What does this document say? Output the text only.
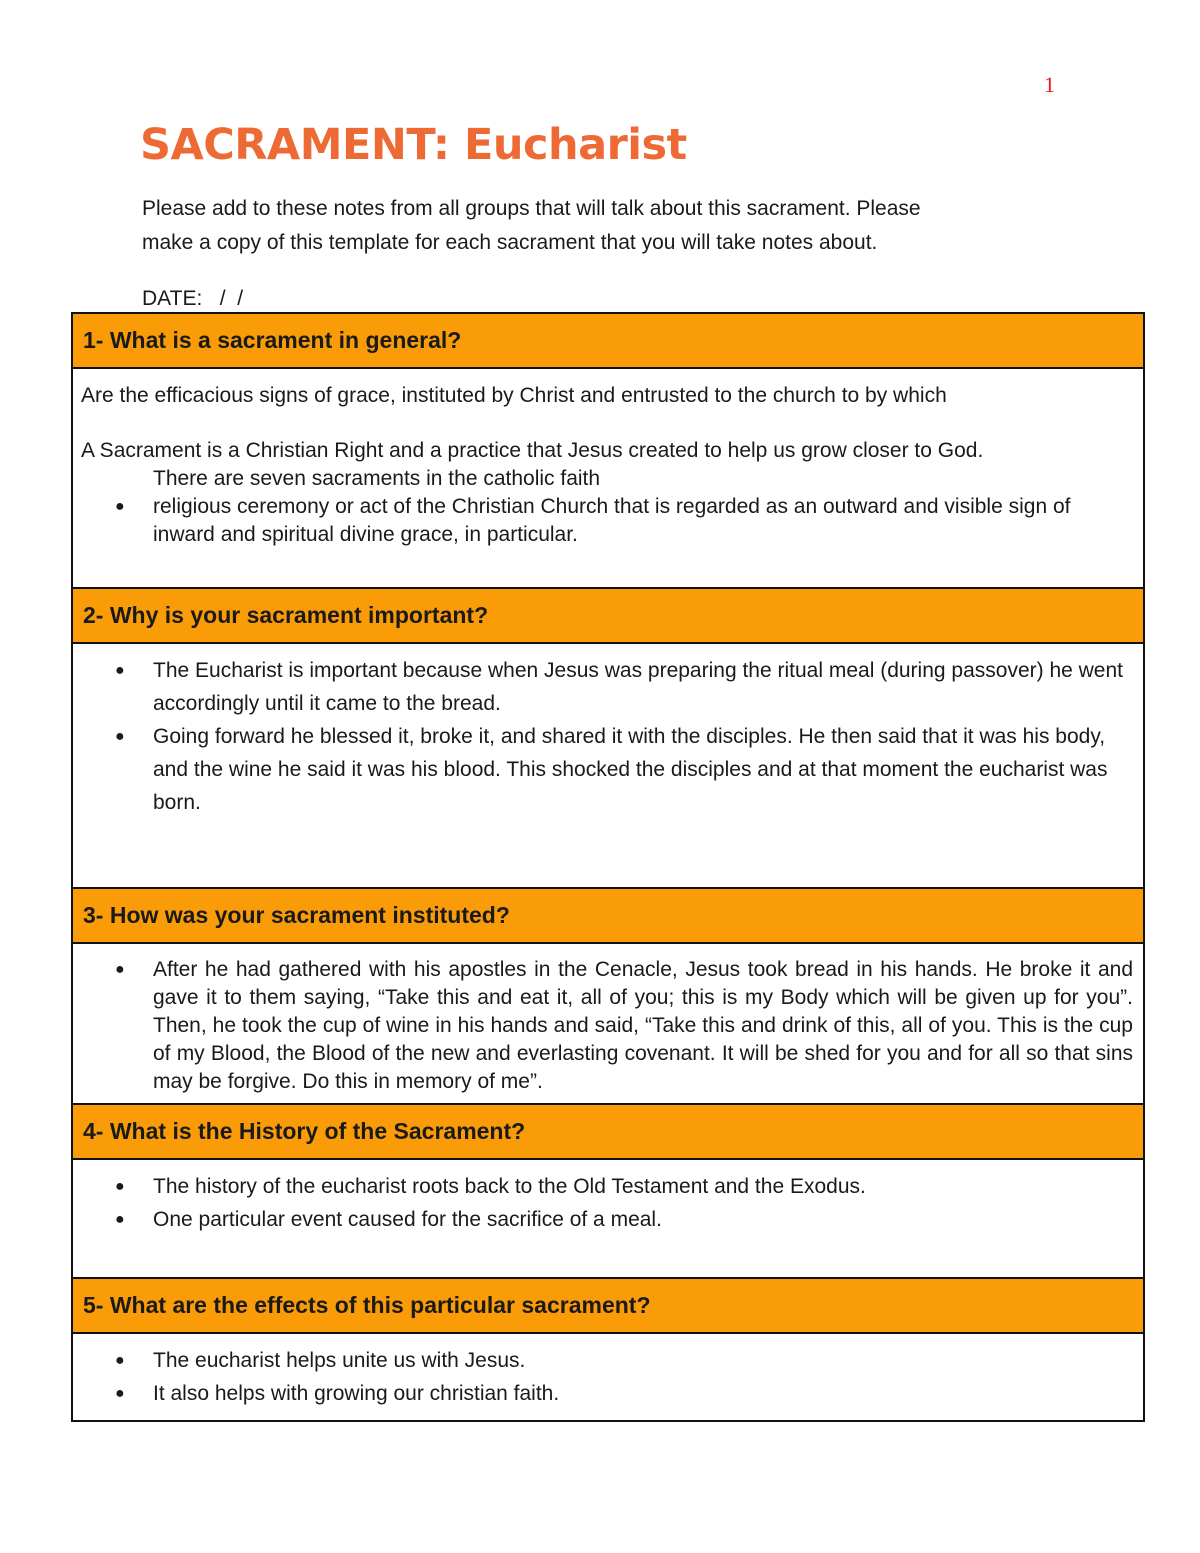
1
SACRAMENT: Eucharist
Please add to these notes from all groups that will talk about this sacrament. Please
make a copy of this template for each sacrament that you will take notes about.
DATE:   /  /
1- What is a sacrament in general?

Are the efficacious signs of grace, instituted by Christ and entrusted to the church to by which

A Sacrament is a Christian Right and a practice that Jesus created to help us grow closer to God.

There are seven sacraments in the catholic faith

● religious ceremony or act of the Christian Church that is regarded as an outward and visible sign of inward and spiritual divine grace, in particular.
2- Why is your sacrament important?
● The Eucharist is important because when Jesus was preparing the ritual meal (during passover) he went accordingly until it came to the bread.
● Going forward he blessed it, broke it, and shared it with the disciples. He then said that it was his body, and the wine he said it was his blood. This shocked the disciples and at that moment the eucharist was born.
3- How was your sacrament instituted?
● After he had gathered with his apostles in the Cenacle, Jesus took bread in his hands. He broke it and gave it to them saying, “Take this and eat it, all of you; this is my Body which will be given up for you”. Then, he took the cup of wine in his hands and said, “Take this and drink of this, all of you. This is the cup of my Blood, the Blood of the new and everlasting covenant. It will be shed for you and for all so that sins may be forgive. Do this in memory of me”.
4- What is the History of the Sacrament?
● The history of the eucharist roots back to the Old Testament and the Exodus.
● One particular event caused for the sacrifice of a meal.
5- What are the effects of this particular sacrament?
● The eucharist helps unite us with Jesus.
● It also helps with growing our christian faith.
